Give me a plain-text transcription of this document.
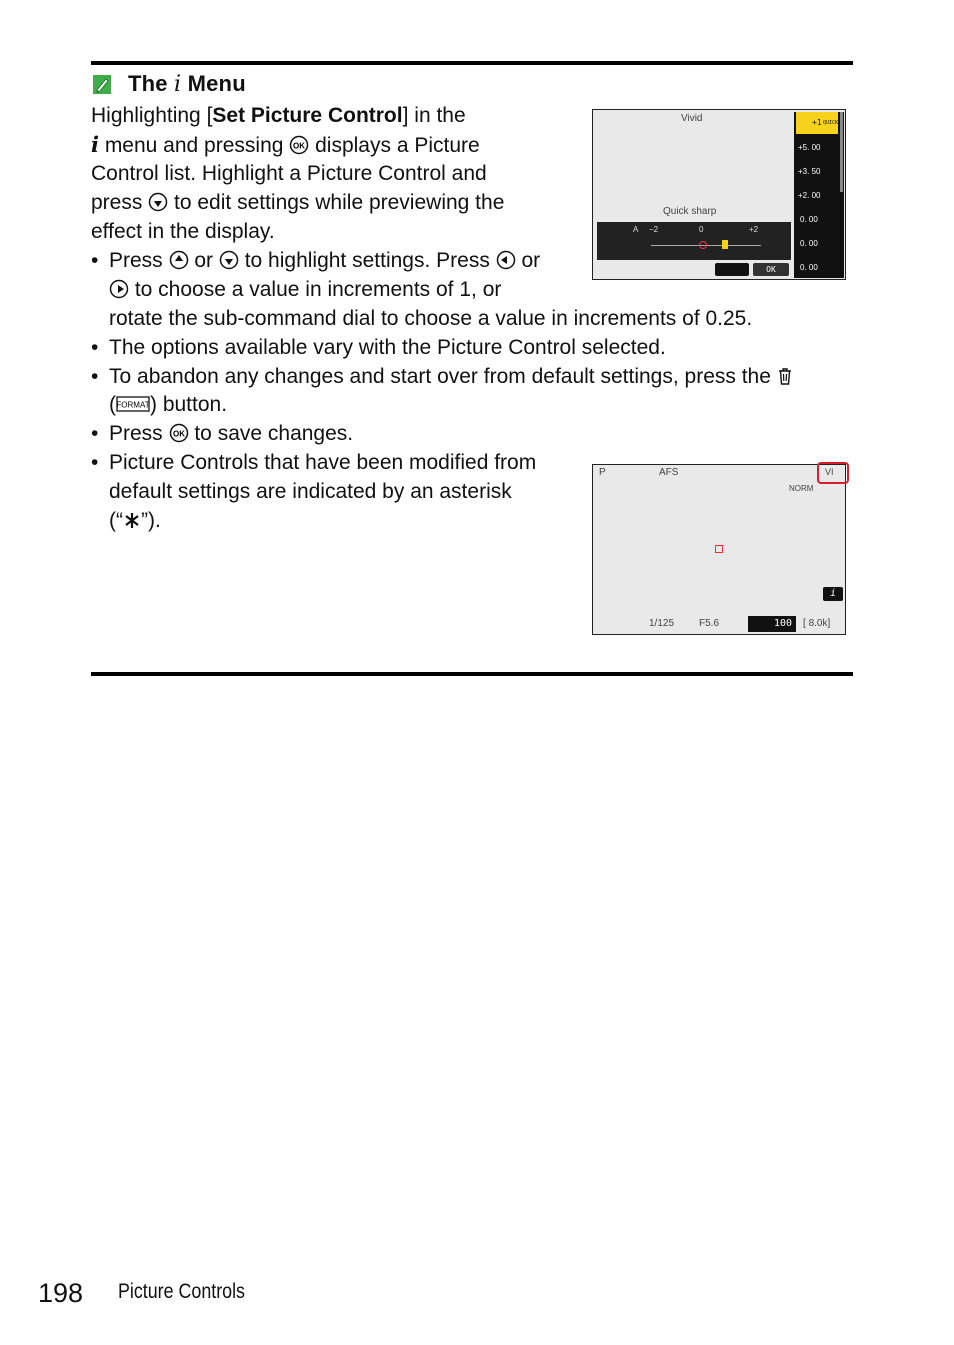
The i Menu
Highlighting [Set Picture Control] in the
i menu and pressing OK displays a Picture
Control list. Highlight a Picture Control and
press  to edit settings while previewing the
effect in the display.
• Press  or  to highlight settings. Press  or
to choose a value in increments of 1, or
rotate the sub-command dial to choose a value in increments of 0.25.
• The options available vary with the Picture Control selected.
• To abandon any changes and start over from default settings, press the
( FORMAT ) button.
• Press OK to save changes.
• Picture Controls that have been modified from
default settings are indicated by an asterisk
(“ ”).
Vivid
Quick sharp
A −2	0	+2
+1 QUICK
+5. 00
+3. 50
+2. 00
0. 00
0. 00
0. 00
OK
P	AFS
NORM
VI
i
1/125 F5.6	100	[ 8.0k]
198 Picture Controls
